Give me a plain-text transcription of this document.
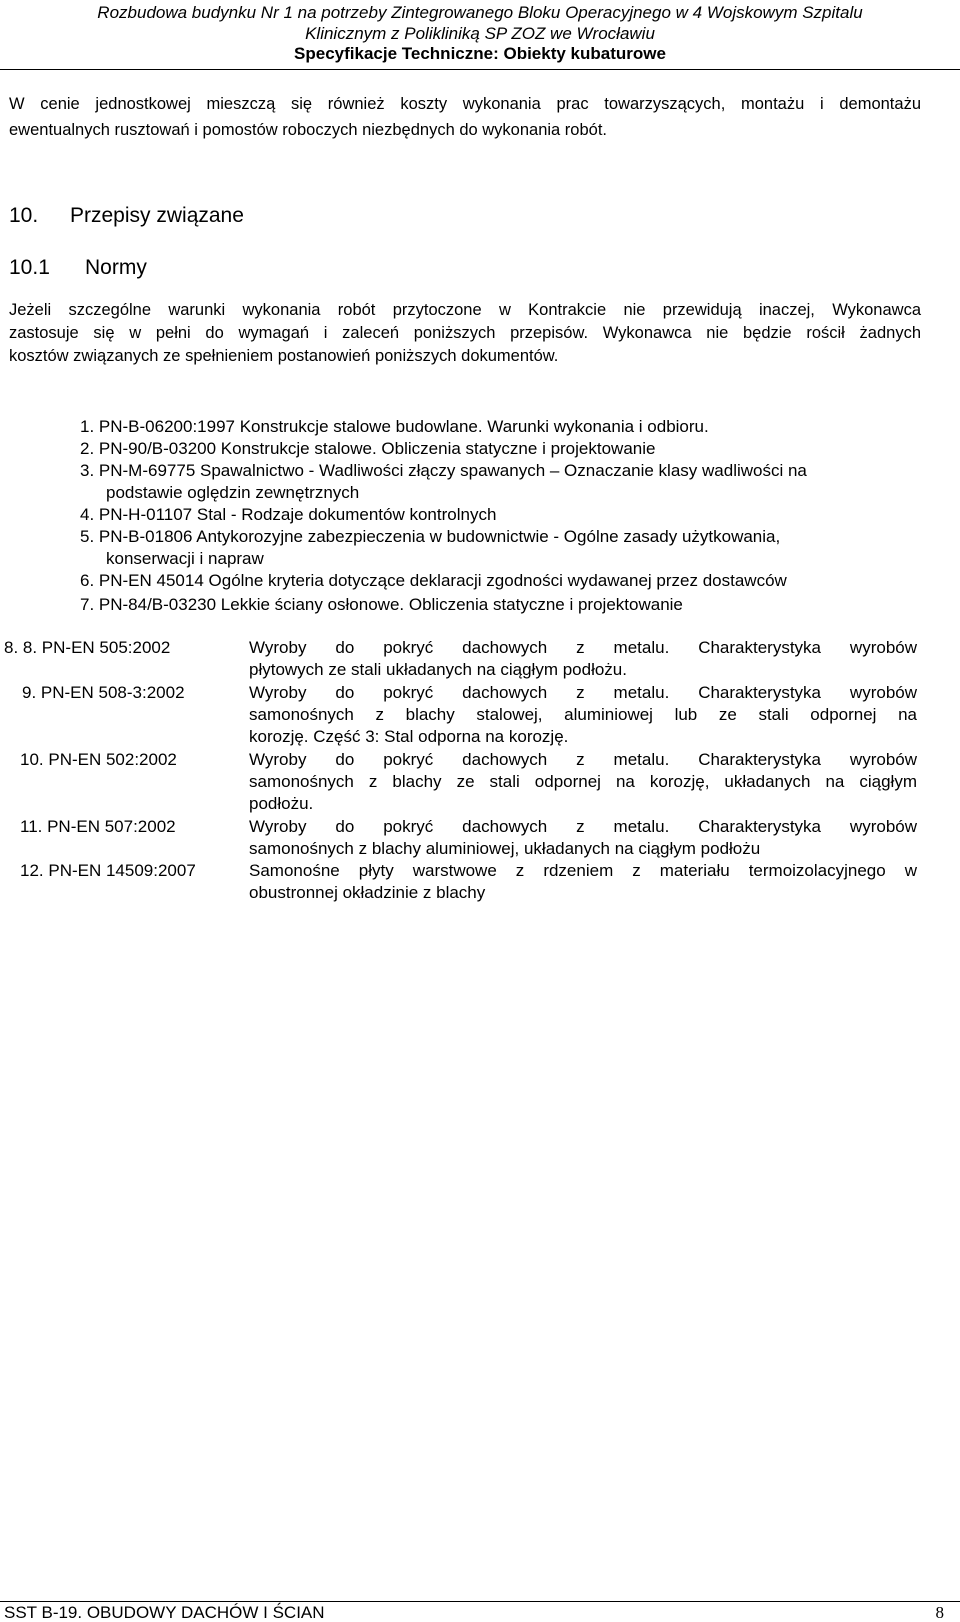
Rozbudowa budynku Nr 1 na potrzeby Zintegrowanego Bloku Operacyjnego w 4 Wojskowym Szpitalu
Klinicznym z Polikliniką SP ZOZ we Wrocławiu
Specyfikacje Techniczne: Obiekty kubaturowe
W cenie jednostkowej mieszczą się również koszty wykonania prac towarzyszących, montażu i demontażu
ewentualnych rusztowań i pomostów roboczych niezbędnych do wykonania robót.
10. Przepisy związane
10.1 Normy
Jeżeli szczególne warunki wykonania robót przytoczone w Kontrakcie nie przewidują inaczej, Wykonawca
zastosuje się w pełni do wymagań i zaleceń poniższych przepisów. Wykonawca nie będzie rościł żadnych
kosztów związanych ze spełnieniem postanowień poniższych dokumentów.
1. PN-B-06200:1997 Konstrukcje stalowe budowlane. Warunki wykonania i odbioru.
2. PN-90/B-03200 Konstrukcje stalowe. Obliczenia statyczne i projektowanie
3. PN-M-69775 Spawalnictwo - Wadliwości złączy spawanych – Oznaczanie klasy wadliwości na
podstawie oględzin zewnętrznych
4. PN-H-01107 Stal - Rodzaje dokumentów kontrolnych
5. PN-B-01806 Antykorozyjne zabezpieczenia w budownictwie - Ogólne zasady użytkowania,
konserwacji i napraw
6. PN-EN 45014 Ogólne kryteria dotyczące deklaracji zgodności wydawanej przez dostawców
7. PN-84/B-03230 Lekkie ściany osłonowe. Obliczenia statyczne i projektowanie
8. 8. PN-EN 505:2002	Wyroby do pokryć dachowych z metalu. Charakterystyka wyrobów
płytowych ze stali układanych na ciągłym podłożu.
9. PN-EN 508-3:2002	Wyroby do pokryć dachowych z metalu. Charakterystyka wyrobów
samonośnych z blachy stalowej, aluminiowej lub ze stali odpornej na
korozję. Część 3: Stal odporna na korozję.
10. PN-EN 502:2002	Wyroby do pokryć dachowych z metalu. Charakterystyka wyrobów
samonośnych z blachy ze stali odpornej na korozję, układanych na ciągłym
podłożu.
11. PN-EN 507:2002	Wyroby do pokryć dachowych z metalu. Charakterystyka wyrobów
samonośnych z blachy aluminiowej, układanych na ciągłym podłożu
12. PN-EN 14509:2007	Samonośne płyty warstwowe z rdzeniem z materiału termoizolacyjnego w
obustronnej okładzinie z blachy
SST B-19. OBUDOWY DACHÓW I ŚCIAN	8
